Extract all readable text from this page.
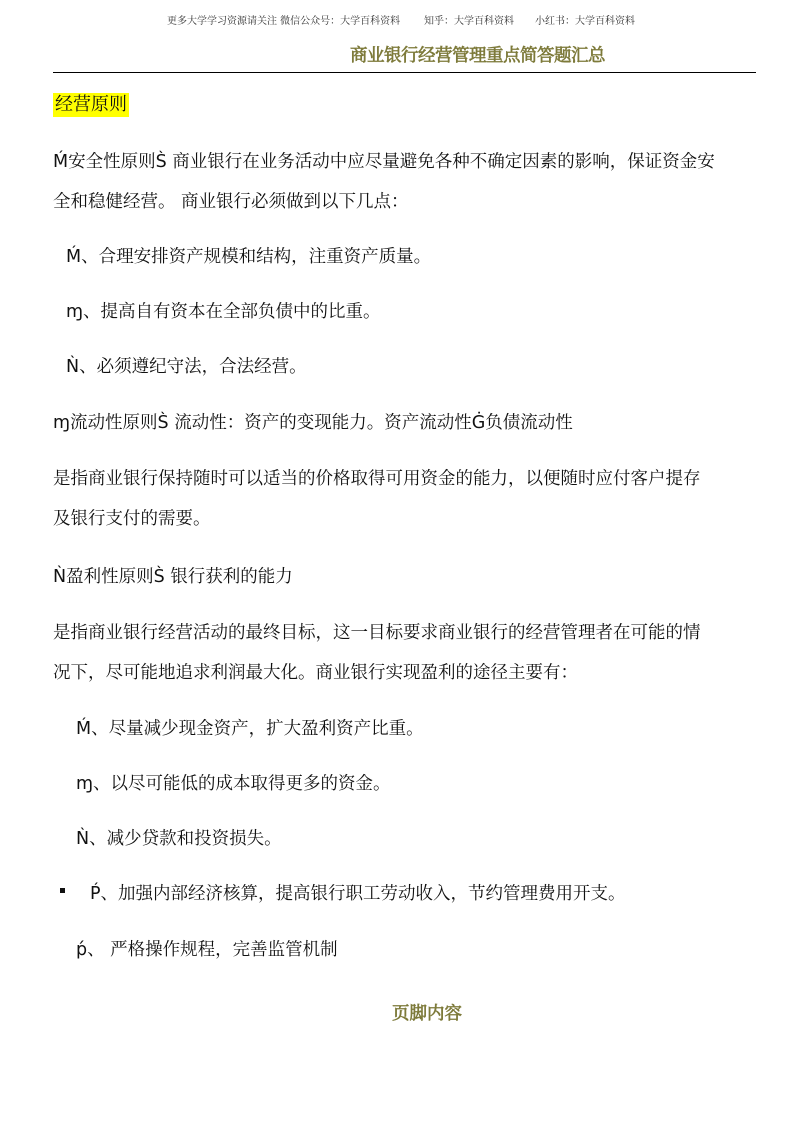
更多大学学习资源请关注 微信公众号：大学百科资料 知乎：大学百科资料 小红书：大学百科资料
商业银行经营管理重点简答题汇总
经营原则
Ḿ安全性原则S̀ 商业银行在业务活动中应尽量避免各种不确定因素的影响，保证资金安
全和稳健经营。 商业银行必须做到以下几点：
Ḿ、合理安排资产规模和结构，注重资产质量。
ɱ、提高自有资本在全部负债中的比重。
Ǹ、必须遵纪守法，合法经营。
ɱ流动性原则S̀ 流动性：资产的变现能力。资产流动性Ġ负债流动性
是指商业银行保持随时可以适当的价格取得可用资金的能力，以便随时应付客户提存
及银行支付的需要。
Ǹ盈利性原则S̀ 银行获利的能力
是指商业银行经营活动的最终目标，这一目标要求商业银行的经营管理者在可能的情
况下，尽可能地追求利润最大化。商业银行实现盈利的途径主要有：
Ḿ、尽量减少现金资产，扩大盈利资产比重。
ɱ、以尽可能低的成本取得更多的资金。
Ǹ、减少贷款和投资损失。
Ṕ、加强内部经济核算，提高银行职工劳动收入，节约管理费用开支。
ṕ、 严格操作规程，完善监管机制
页脚内容
